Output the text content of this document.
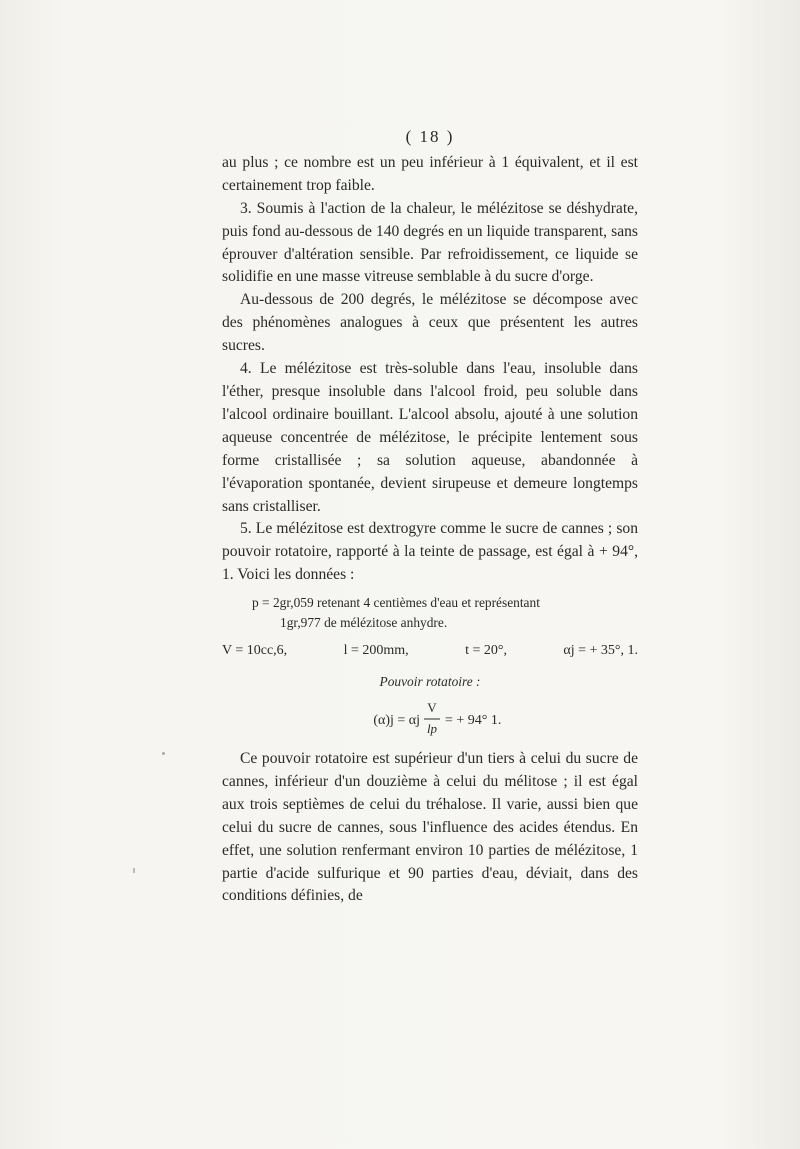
( 18 )

au plus ; ce nombre est un peu inférieur à 1 équivalent, et il est certainement trop faible.

3. Soumis à l'action de la chaleur, le mélézitose se déshydrate, puis fond au-dessous de 140 degrés en un liquide transparent, sans éprouver d'altération sensible. Par refroidissement, ce liquide se solidifie en une masse vitreuse semblable à du sucre d'orge.

Au-dessous de 200 degrés, le mélézitose se décompose avec des phénomènes analogues à ceux que présentent les autres sucres.

4. Le mélézitose est très-soluble dans l'eau, insoluble dans l'éther, presque insoluble dans l'alcool froid, peu soluble dans l'alcool ordinaire bouillant. L'alcool absolu, ajouté à une solution aqueuse concentrée de mélézitose, le précipite lentement sous forme cristallisée ; sa solution aqueuse, abandonnée à l'évaporation spontanée, devient sirupeuse et demeure longtemps sans cristalliser.

5. Le mélézitose est dextrogyre comme le sucre de cannes ; son pouvoir rotatoire, rapporté à la teinte de passage, est égal à + 94°, 1. Voici les données :

p = 2gr,059 retenant 4 centièmes d'eau et représentant
1gr,977 de mélézitose anhydre.
V = 10cc,6,	l = 200mm,	t = 20°,	αj = + 35°, 1.
Pouvoir rotatoire :
(α)j = αj
V
lp
= + 94° 1.

Ce pouvoir rotatoire est supérieur d'un tiers à celui du sucre de cannes, inférieur d'un douzième à celui du mélitose ; il est égal aux trois septièmes de celui du tréhalose. Il varie, aussi bien que celui du sucre de cannes, sous l'influence des acides étendus. En effet, une solution renfermant environ 10 parties de mélézitose, 1 partie d'acide sulfurique et 90 parties d'eau, déviait, dans des conditions définies, de
